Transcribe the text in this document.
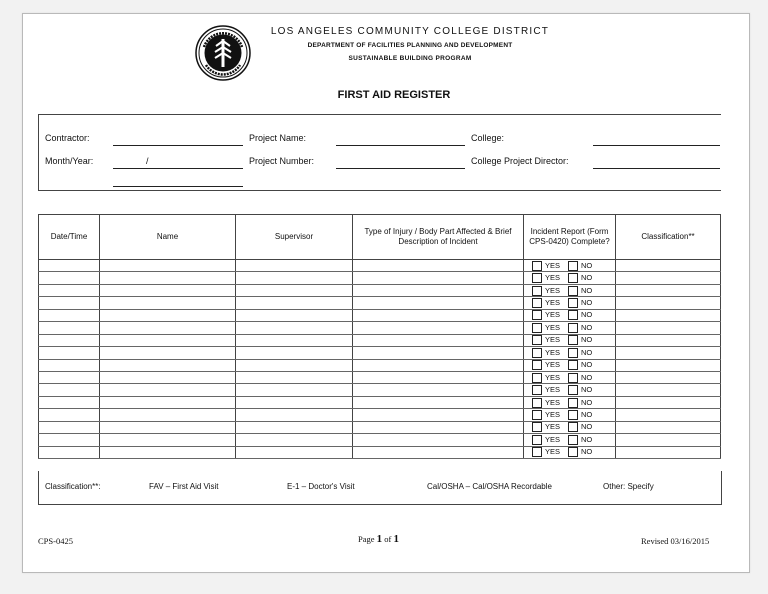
LOS ANGELES COMMUNITY COLLEGE DISTRICT
DEPARTMENT OF FACILITIES PLANNING AND DEVELOPMENT
SUSTAINABLE BUILDING PROGRAM
FIRST AID REGISTER
Contractor:	Project Name:	College:
Month/Year:	/	Project Number:	College Project Director:
Date/Time	Name	Supervisor	Type of Injury / Body Part Affected & Brief Description of Incident	Incident Report (Form CPS-0420) Complete?	Classification**

				YES NO	

				YES NO	

				YES NO	

				YES NO	

				YES NO	

				YES NO	

				YES NO	

				YES NO	

				YES NO	

				YES NO	

				YES NO	

				YES NO	

				YES NO	

				YES NO	

				YES NO	

				YES NO	

Classification**:	FAV – First Aid Visit	E-1 – Doctor's Visit	Cal/OSHA – Cal/OSHA Recordable	Other: Specify
CPS-0425	Page 1 of 1	Revised 03/16/2015
